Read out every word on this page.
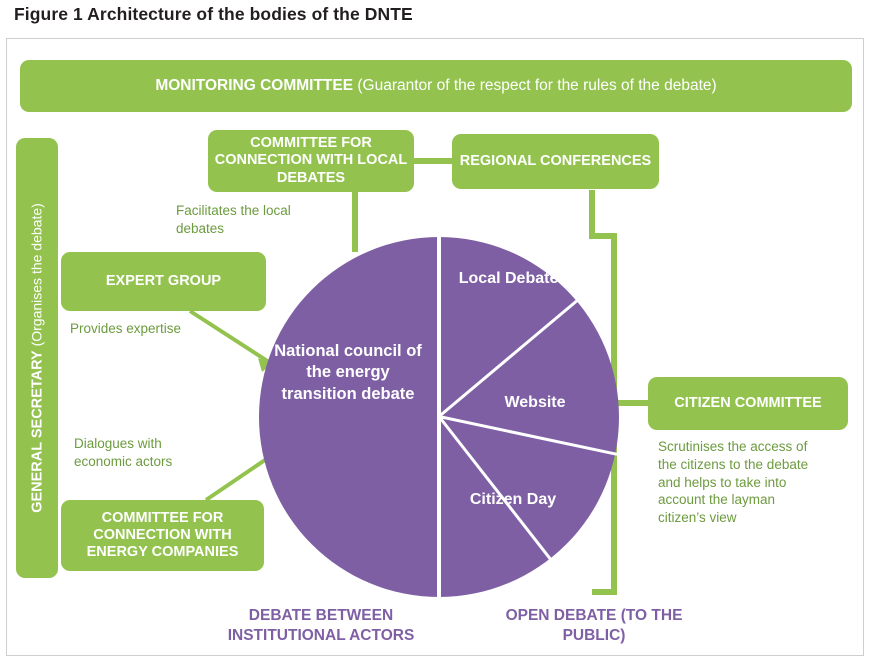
Figure 1 Architecture of the bodies of the DNTE
MONITORING COMMITTEE (Guarantor of the respect for the rules of the debate)
COMMITTEE FOR CONNECTION WITH LOCAL DEBATES
REGIONAL CONFERENCES
EXPERT GROUP
COMMITTEE FOR CONNECTION WITH ENERGY COMPANIES
CITIZEN COMMITTEE
GENERAL SECRETARY (Organises the debate)
National council of the energy transition debate
Local Debates
Website
Citizen Day
Facilitates the local debates
Provides expertise
Dialogues with economic actors
Scrutinises the access of the citizens to the debate and helps to take into account the layman citizen’s view
DEBATE BETWEEN INSTITUTIONAL ACTORS
OPEN DEBATE (TO THE PUBLIC)
